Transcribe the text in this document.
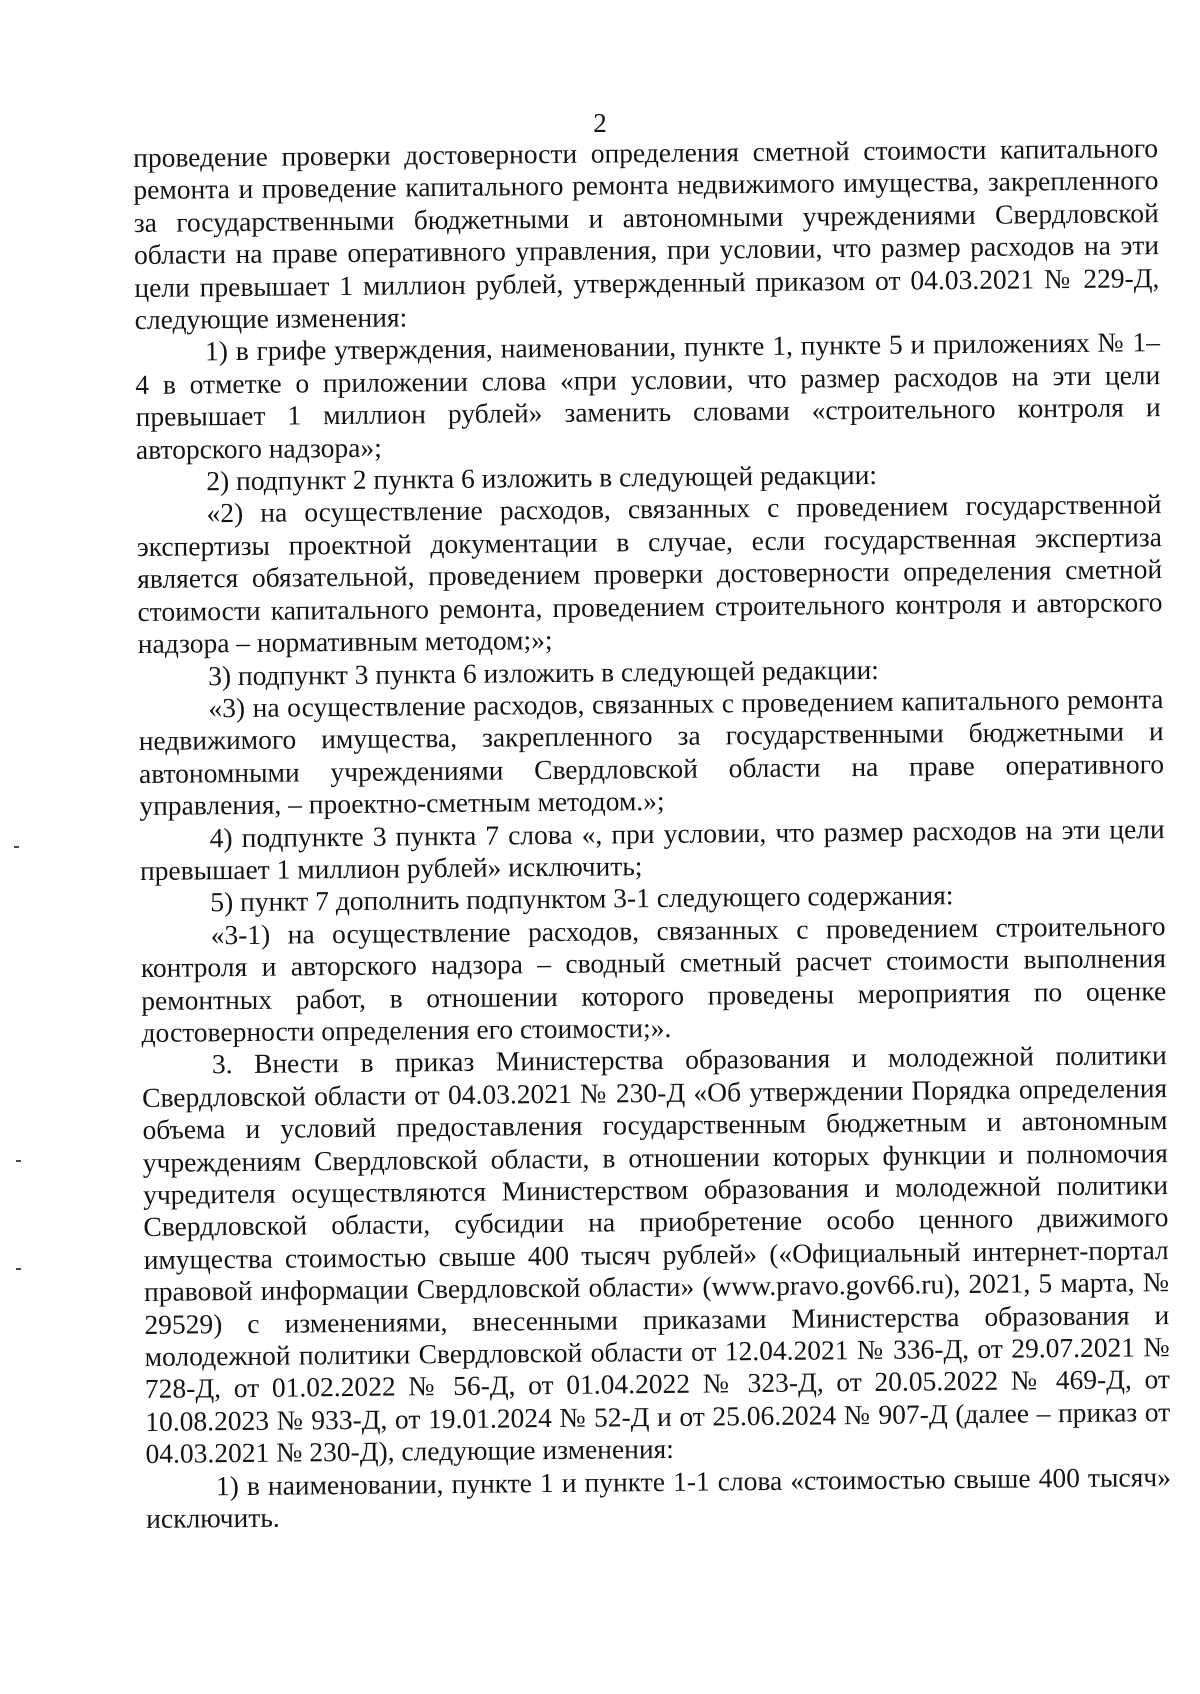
2

проведение проверки достоверности определения сметной стоимости капитального ремонта и проведение капитального ремонта недвижимого имущества, закрепленного за государственными бюджетными и автономными учреждениями Свердловской области на праве оперативного управления, при условии, что размер расходов на эти цели превышает 1 миллион рублей, утвержденный приказом от 04.03.2021 № 229-Д, следующие изменения:

1) в грифе утверждения, наименовании, пункте 1, пункте 5 и приложениях № 1–4 в отметке о приложении слова «при условии, что размер расходов на эти цели превышает 1 миллион рублей» заменить словами «строительного контроля и авторского надзора»;

2) подпункт 2 пункта 6 изложить в следующей редакции:

«2) на осуществление расходов, связанных с проведением государственной экспертизы проектной документации в случае, если государственная экспертиза является обязательной, проведением проверки достоверности определения сметной стоимости капитального ремонта, проведением строительного контроля и авторского надзора – нормативным методом;»;

3) подпункт 3 пункта 6 изложить в следующей редакции:

«3) на осуществление расходов, связанных с проведением капитального ремонта недвижимого имущества, закрепленного за государственными бюджетными и автономными учреждениями Свердловской области на праве оперативного управления, – проектно-сметным методом.»;

4) подпункте 3 пункта 7 слова «, при условии, что размер расходов на эти цели превышает 1 миллион рублей» исключить;

5) пункт 7 дополнить подпунктом 3-1 следующего содержания:

«3-1) на осуществление расходов, связанных с проведением строительного контроля и авторского надзора – сводный сметный расчет стоимости выполнения ремонтных работ, в отношении которого проведены мероприятия по оценке достоверности определения его стоимости;».

3. Внести в приказ Министерства образования и молодежной политики Свердловской области от 04.03.2021 № 230-Д «Об утверждении Порядка определения объема и условий предоставления государственным бюджетным и автономным учреждениям Свердловской области, в отношении которых функции и полномочия учредителя осуществляются Министерством образования и молодежной политики Свердловской области, субсидии на приобретение особо ценного движимого имущества стоимостью свыше 400 тысяч рублей» («Официальный интернет-портал правовой информации Свердловской области» (www.pravo.gov66.ru), 2021, 5 марта, № 29529) с изменениями, внесенными приказами Министерства образования и молодежной политики Свердловской области от 12.04.2021 № 336-Д, от 29.07.2021 № 728-Д, от 01.02.2022 № 56-Д, от 01.04.2022 № 323-Д, от 20.05.2022 № 469-Д, от 10.08.2023 № 933-Д, от 19.01.2024 № 52-Д и от 25.06.2024 № 907-Д (далее – приказ от 04.03.2021 № 230-Д), следующие изменения:

1) в наименовании, пункте 1 и пункте 1-1 слова «стоимостью свыше 400 тысяч» исключить.
